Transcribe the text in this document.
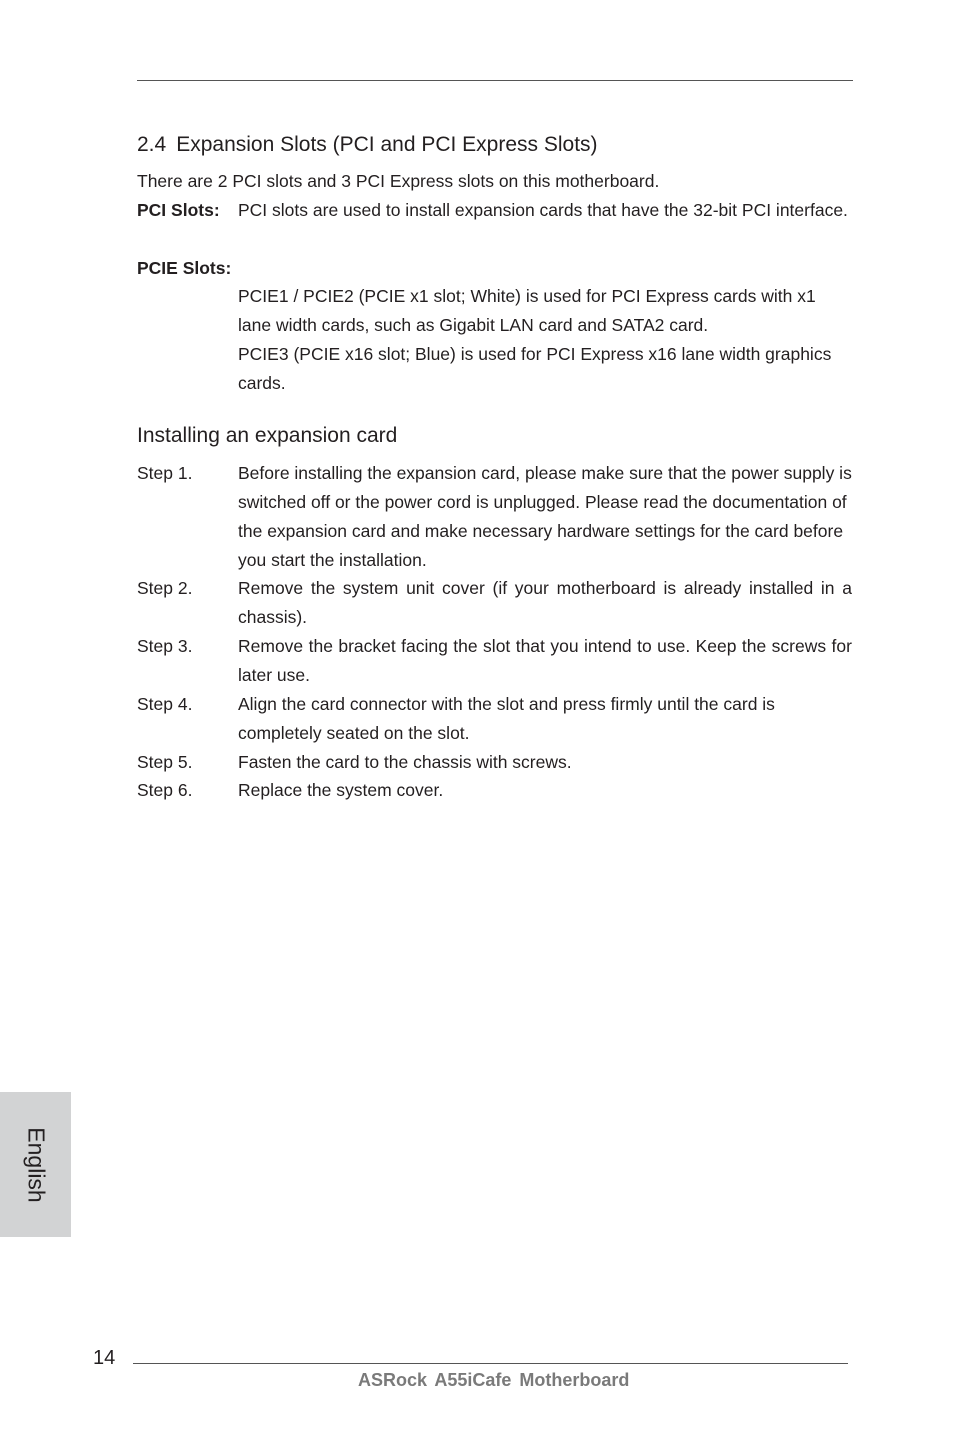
2.4 Expansion Slots (PCI and PCI Express Slots)
There are 2 PCI slots and 3 PCI Express slots on this motherboard.
PCI Slots: PCI slots are used to install expansion cards that have the 32-bit PCI interface.
PCIE Slots:
PCIE1 / PCIE2 (PCIE x1 slot; White) is used for PCI Express cards with x1 lane width cards, such as Gigabit LAN card and SATA2 card.
PCIE3 (PCIE x16 slot; Blue) is used for PCI Express x16 lane width graphics cards.
Installing an expansion card
Step 1.	Before installing the expansion card, please make sure that the power supply is switched off or the power cord is unplugged. Please read the documentation of the expansion card and make necessary hardware settings for the card before you start the installation.
Step 2.	Remove the system unit cover (if your motherboard is already installed in a chassis).
Step 3.	Remove the bracket facing the slot that you intend to use. Keep the screws for later use.
Step 4.	Align the card connector with the slot and press firmly until the card is completely seated on the slot.
Step 5.	Fasten the card to the chassis with screws.
Step 6.	Replace the system cover.
English
14
ASRock A55iCafe Motherboard
